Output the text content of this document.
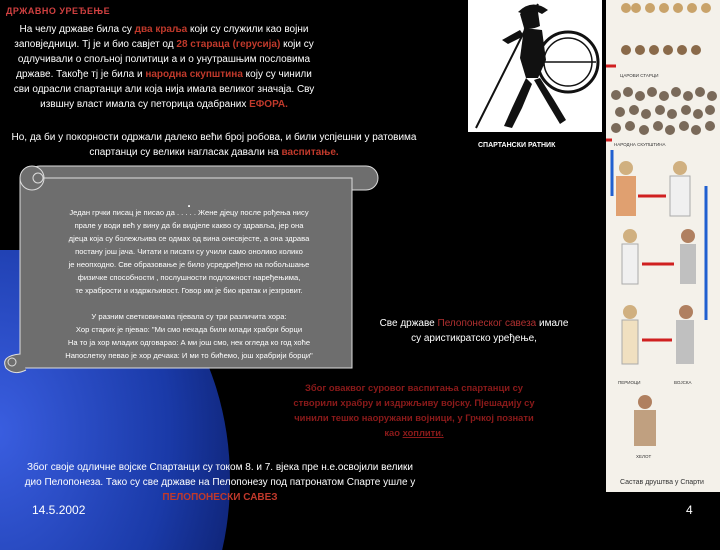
ДРЖАВНО УРЕЂЕЊЕ
На челу државе била су два краља који су служили као војни заповједници. Тј је и био савјет од 28 стараца (герусија) који су одлучивали о спољној политици а и о унутрашњим пословима државе. Такође тј је била и народна скупштина коју су чинили сви одрасли спартанци али која нија имала великог значаја. Сву извшну власт имала су петорица одабраних ЕФОРА.
Но, да би у покорности одржали далеко већи број робова, и били успјешни у ратовима спартанци су велики нагласак давали на васпитање.
СПАРТАНСКИ РАТНИК
ЦАРОВИ СТАРЦИ
НАРОДНА СКУПШТИНА
ПЕРИОЦИ	ВОЈСКА
ХЕЛОТ
Састав друштва у Спарти
.
Један грчки писац је писао да . . . . . Жене дјецу после рођења нису
прале у води већ у вину да би видјеле какво су здравља, јер она
дјеца која су болежљива се одмах од вина онесвјесте, а она здрава
постану још јача. Читати и писати су учили само онолико колико
је неопходно. Све образовање је било усредређено на побољшање
физичке способности , послушности подложност наређењима,
те храбрости и издржљивост. Говор им је био кратак и језгровит.

У разним светковинама пјевала су три различита хора:
Хор старих је пјевао: "Ми смо некада били млади храбри борци
На то ја хор младих одговарао: А ми још смо, нек огледа ко год хоће
Напослетку певао је хор дечака: И ми то бићемо, још храбрији борци"
Све државе Пелопонеског савеза имале су аристикратско уређење,
Због оваквог суровог васпитања спартанци су створили храбру и издржљиву војску. Пјешадију су чинили тешко наоружани војници, у Грчкој познати као хоплити.
Због своје одличне војске Спартанци су током 8. и 7. вјека пре н.е.освојили велики дио Пелопонеза. Тако су све државе на Пелопонезу под патронатом Спарте ушле у ПЕЛОПОНЕСКИ САВЕЗ
14.5.2002	4
